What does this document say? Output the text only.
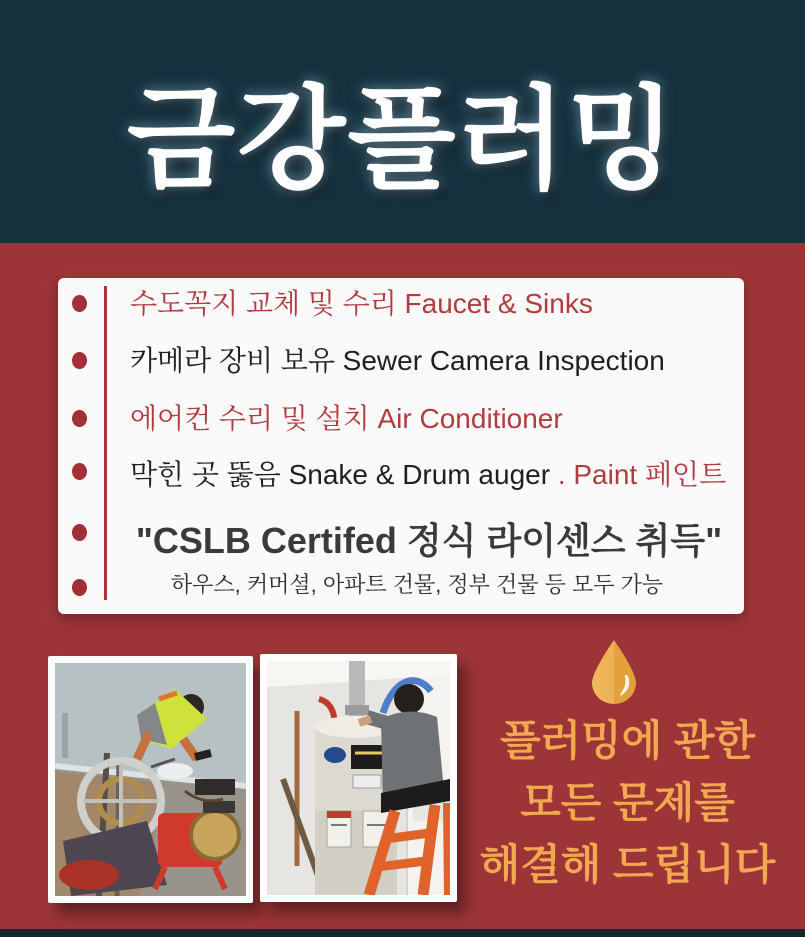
금강플러밍
수도꼭지 교체 및 수리 Faucet & Sinks
카메라 장비 보유 Sewer Camera Inspection
에어컨 수리 및 설치 Air Conditioner
막힌 곳 뚫음 Snake & Drum auger . Paint 페인트
"CSLB Certifed 정식 라이센스 취득"
하우스, 커머셜, 아파트 건물, 정부 건물 등 모두 가능
플러밍에 관한
모든 문제를
해결해 드립니다
